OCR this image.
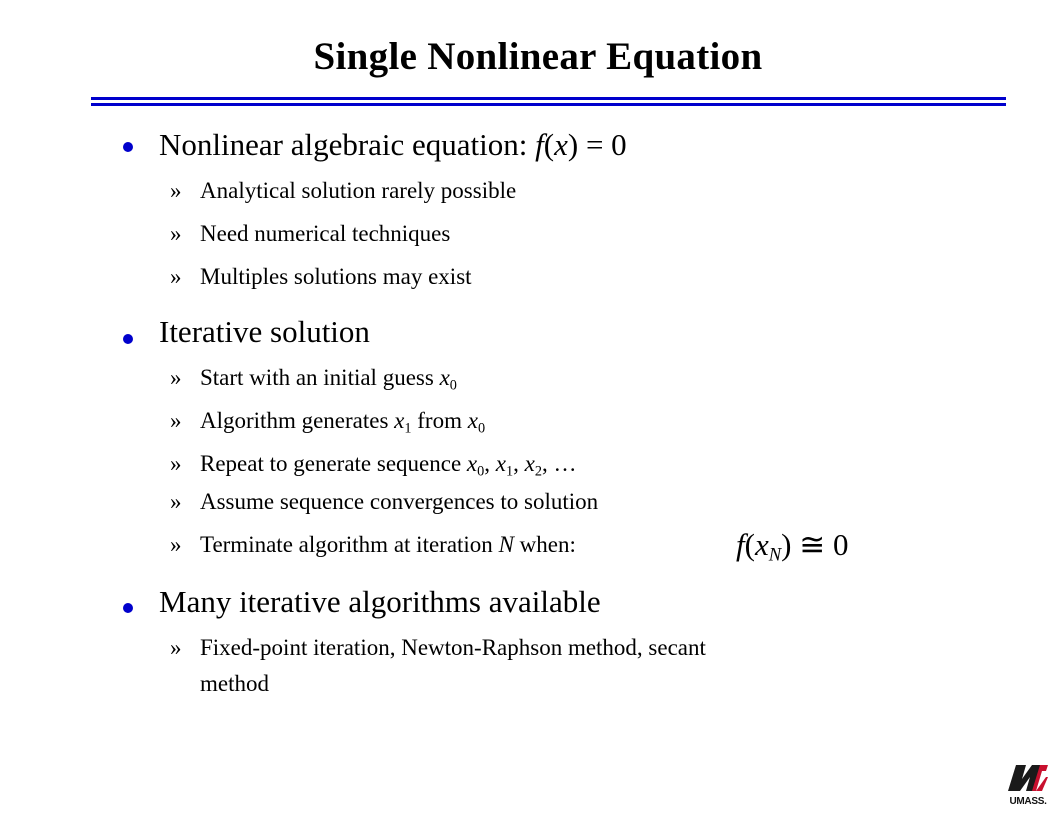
Single Nonlinear Equation
Nonlinear algebraic equation: f(x) = 0
» Analytical solution rarely possible
» Need numerical techniques
» Multiples solutions may exist
Iterative solution
» Start with an initial guess $x_0$
» Algorithm generates $x_1$ from $x_0$
» Repeat to generate sequence $x_0$, $x_1$, $x_2$, …
» Assume sequence convergences to solution
» Terminate algorithm at iteration N when:	$f(x_N)$ ≅ 0
Many iterative algorithms available
» Fixed-point iteration, Newton-Raphson method, secant
method
UMASS.
